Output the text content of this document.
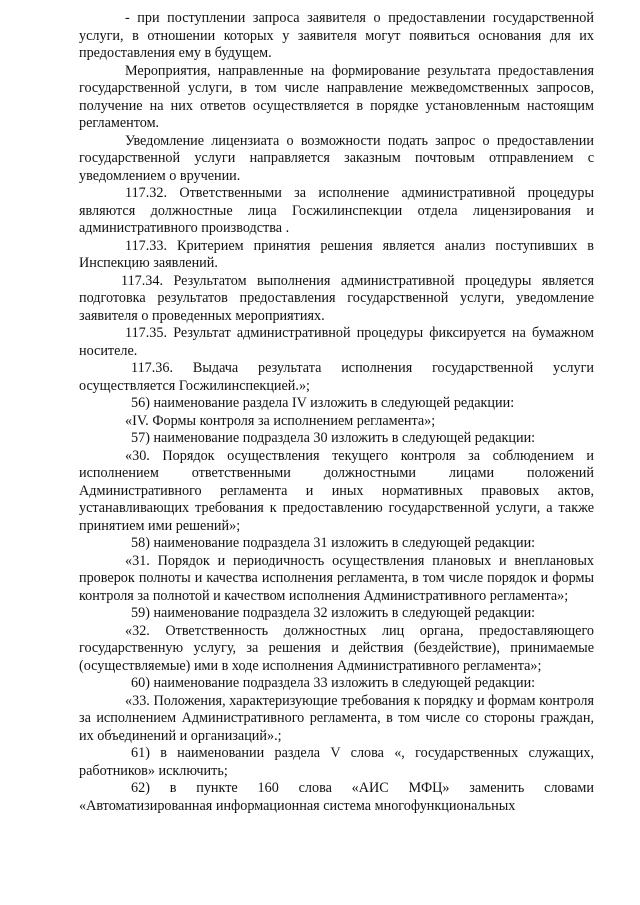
- при поступлении запроса заявителя о предоставлении государственной услуги, в отношении которых у заявителя могут появиться основания для их предоставления ему в будущем.

Мероприятия, направленные на формирование результата предоставления государственной услуги, в том числе направление межведомственных запросов, получение на них ответов осуществляется в порядке установленным настоящим регламентом.

Уведомление лицензиата о возможности подать запрос о предоставлении государственной услуги направляется заказным почтовым отправлением с уведомлением о вручении.

117.32. Ответственными за исполнение административной процедуры являются должностные лица Госжилинспекции отдела лицензирования и административного производства .

117.33. Критерием принятия решения является анализ поступивших в Инспекцию заявлений.

117.34. Результатом выполнения административной процедуры является подготовка результатов предоставления государственной услуги, уведомление заявителя о проведенных мероприятиях.

117.35. Результат административной процедуры фиксируется на бумажном носителе.

117.36. Выдача результата исполнения государственной услуги осуществляется Госжилинспекцией.»;

56) наименование раздела IV изложить в следующей редакции:

«IV. Формы контроля за исполнением регламента»;

57) наименование подраздела 30 изложить в следующей редакции:

«30. Порядок осуществления текущего контроля за соблюдением и исполнением ответственными должностными лицами положений Административного регламента и иных нормативных правовых актов, устанавливающих требования к предоставлению государственной услуги, а также принятием ими решений»;

58) наименование подраздела 31 изложить в следующей редакции:

«31. Порядок и периодичность осуществления плановых и внеплановых проверок полноты и качества исполнения регламента, в том числе порядок и формы контроля за полнотой и качеством исполнения Административного регламента»;

59) наименование подраздела 32 изложить в следующей редакции:

«32. Ответственность должностных лиц органа, предоставляющего государственную услугу, за решения и действия (бездействие), принимаемые (осуществляемые) ими в ходе исполнения Административного регламента»;

60) наименование подраздела 33 изложить в следующей редакции:

«33. Положения, характеризующие требования к порядку и формам контроля за исполнением Административного регламента, в том числе со стороны граждан, их объединений и организаций».;

61) в наименовании раздела V слова «, государственных служащих, работников» исключить;

62) в пункте 160 слова «АИС МФЦ» заменить словами «Автоматизированная информационная система многофункциональных
